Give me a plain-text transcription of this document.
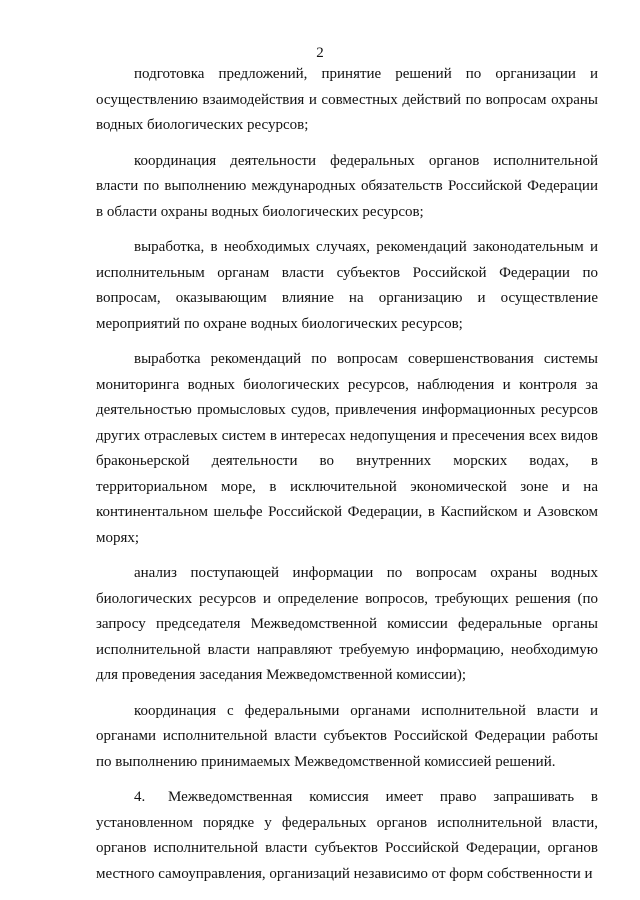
2

подготовка предложений, принятие решений по организации и осуществлению взаимодействия и совместных действий по вопросам охраны водных биологических ресурсов;

координация деятельности федеральных органов исполнительной власти по выполнению международных обязательств Российской Федерации в области охраны водных биологических ресурсов;

выработка, в необходимых случаях, рекомендаций законодательным и исполнительным органам власти субъектов Российской Федерации по вопросам, оказывающим влияние на организацию и осуществление мероприятий по охране водных биологических ресурсов;

выработка рекомендаций по вопросам совершенствования системы мониторинга водных биологических ресурсов, наблюдения и контроля за деятельностью промысловых судов, привлечения информационных ресурсов других отраслевых систем в интересах недопущения и пресечения всех видов браконьерской деятельности во внутренних морских водах, в территориальном море, в исключительной экономической зоне и на континентальном шельфе Российской Федерации, в Каспийском и Азовском морях;

анализ поступающей информации по вопросам охраны водных биологических ресурсов и определение вопросов, требующих решения (по запросу председателя Межведомственной комиссии федеральные органы исполнительной власти направляют требуемую информацию, необходимую для проведения заседания Межведомственной комиссии);

координация с федеральными органами исполнительной власти и органами исполнительной власти субъектов Российской Федерации работы по выполнению принимаемых Межведомственной комиссией решений.

4. Межведомственная комиссия имеет право запрашивать в установленном порядке у федеральных органов исполнительной власти, органов исполнительной власти субъектов Российской Федерации, органов местного самоуправления, организаций независимо от форм собственности и
